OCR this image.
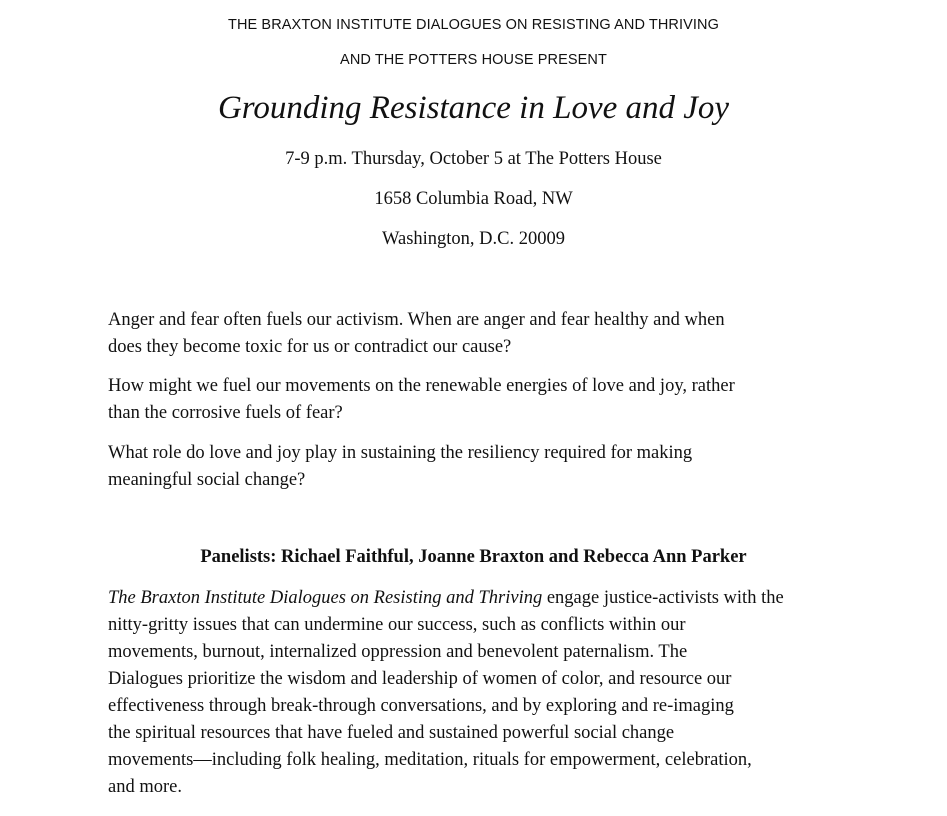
THE BRAXTON INSTITUTE DIALOGUES ON RESISTING AND THRIVING
AND THE POTTERS HOUSE PRESENT
Grounding Resistance in Love and Joy
7-9 p.m. Thursday, October 5 at The Potters House
1658 Columbia Road, NW
Washington, D.C. 20009
Anger and fear often fuels our activism. When are anger and fear healthy and when
does they become toxic for us or contradict our cause?
How might we fuel our movements on the renewable energies of love and joy, rather
than the corrosive fuels of fear?
What role do love and joy play in sustaining the resiliency required for making
meaningful social change?
Panelists: Richael Faithful, Joanne Braxton and Rebecca Ann Parker
The Braxton Institute Dialogues on Resisting and Thriving engage justice-activists with the
nitty-gritty issues that can undermine our success, such as conflicts within our
movements, burnout, internalized oppression and benevolent paternalism. The
Dialogues prioritize the wisdom and leadership of women of color, and resource our
effectiveness through break-through conversations, and by exploring and re-imaging
the spiritual resources that have fueled and sustained powerful social change
movements—including folk healing, meditation, rituals for empowerment, celebration,
and more.
